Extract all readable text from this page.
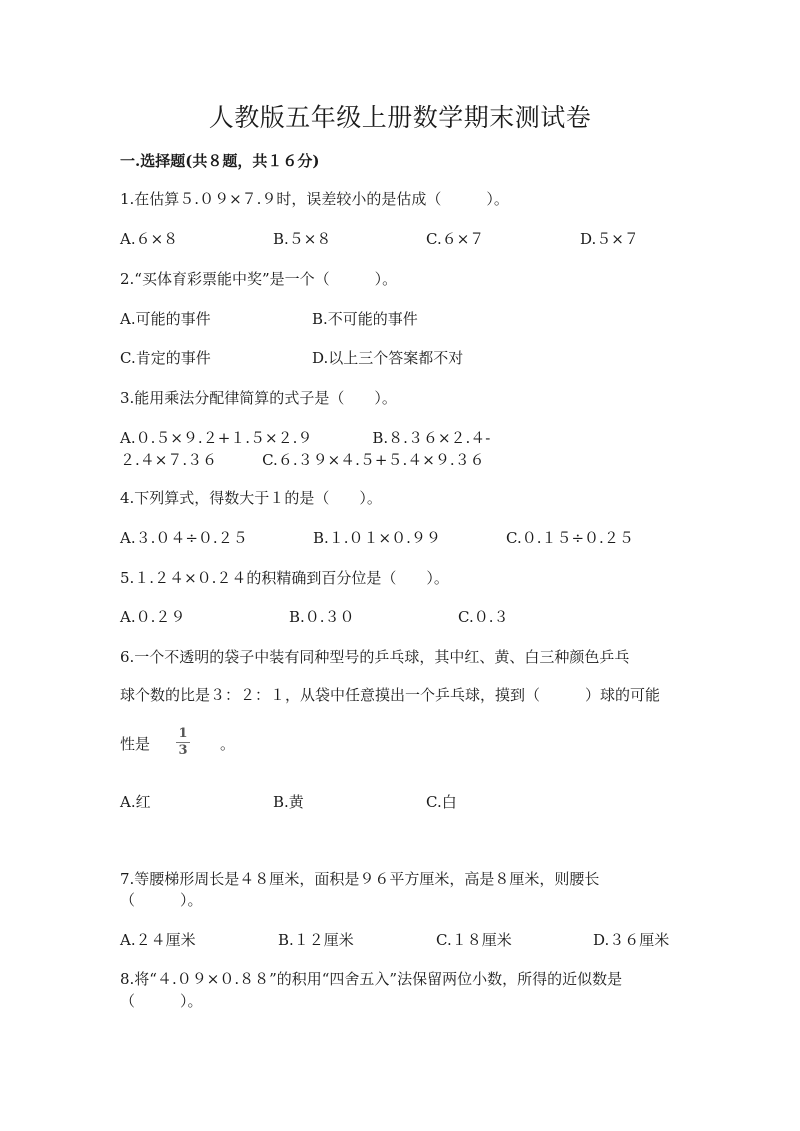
人教版五年级上册数学期末测试卷
一.选择题(共８题，共１６分)
1.在估算５.０９×７.９时，误差较小的是估成（　　　）。
A.６×８	B.５×８	C.６×７	D.５×７
2.“买体育彩票能中奖”是一个（　　　）。
A.可能的事件	B.不可能的事件
C.肯定的事件	D.以上三个答案都不对
3.能用乘法分配律简算的式子是（　　）。
A.０.５×９.２+１.５×２.９　　　　B.８.３６×２.４-
２.４×７.３６　　　C.６.３９×４.５+５.４×９.３６
4.下列算式，得数大于１的是（　　）。
A.３.０４÷０.２５	B.１.０１×０.９９	C.０.１５÷０.２５
5.１.２４×０.２４的积精确到百分位是（　　）。
A.０.２９	B.０.３０	C.０.３
6.一个不透明的袋子中装有同种型号的乒乓球，其中红、黄、白三种颜色乒乓
球个数的比是３：２：１，从袋中任意摸出一个乒乓球，摸到（　　　）球的可能
性是
1
3 。
A.红	B.黄	C.白
7.等腰梯形周长是４８厘米，面积是９６平方厘米，高是８厘米，则腰长
（　　　）。
A.２４厘米	B.１２厘米	C.１８厘米	D.３６厘米
8.将“４.０９×０.８８”的积用“四舍五入”法保留两位小数，所得的近似数是
（　　　）。
